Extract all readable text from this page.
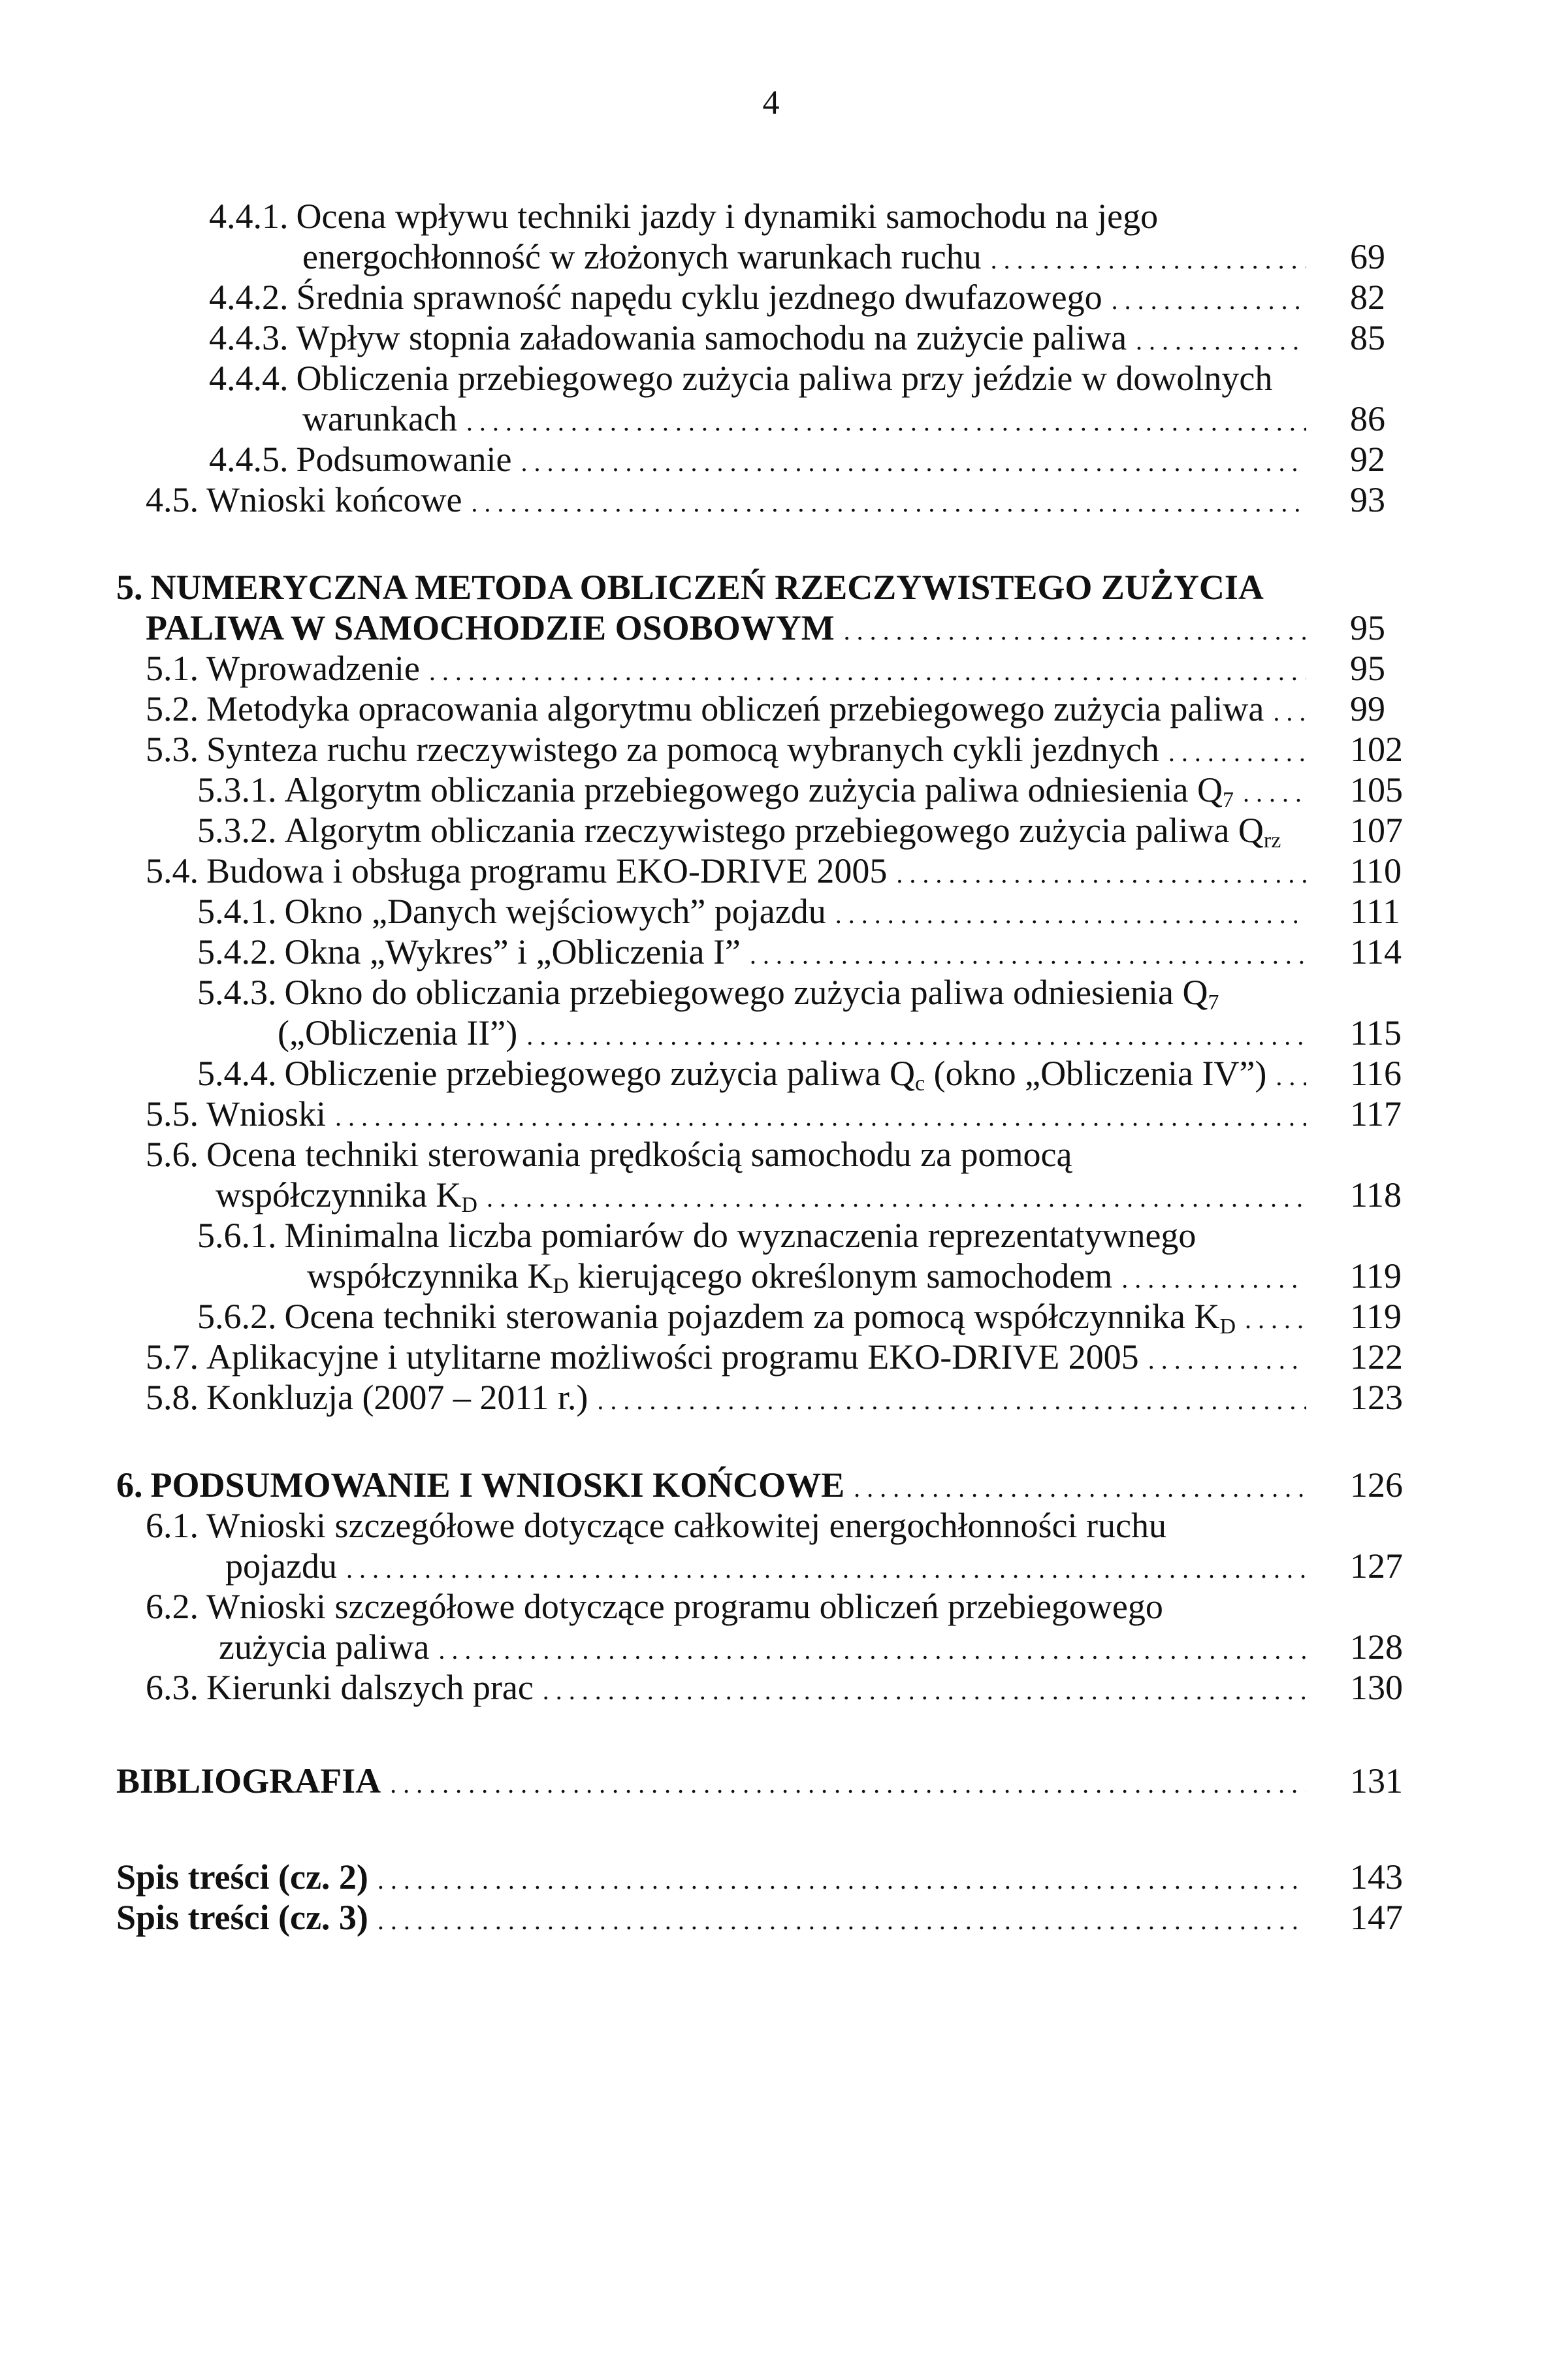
4
4.4.1. Ocena wpływu techniki jazdy i dynamiki samochodu na jego
energochłonność w złożonych warunkach ruchu . . .	69
4.4.2. Średnia sprawność napędu cyklu jezdnego dwufazowego . . .	82
4.4.3. Wpływ stopnia załadowania samochodu na zużycie paliwa . . .	85
4.4.4. Obliczenia przebiegowego zużycia paliwa przy jeździe w dowolnych
warunkach . . .	86
4.4.5. Podsumowanie . . .	92
4.5. Wnioski końcowe . . .	93
5. NUMERYCZNA METODA OBLICZEŃ RZECZYWISTEGO ZUŻYCIA
PALIWA W SAMOCHODZIE OSOBOWYM . . .	95
5.1. Wprowadzenie . . .	95
5.2. Metodyka opracowania algorytmu obliczeń przebiegowego zużycia paliwa . . . 99
5.3. Synteza ruchu rzeczywistego za pomocą wybranych cykli jezdnych . . .	102
5.3.1. Algorytm obliczania przebiegowego zużycia paliwa odniesienia $Q_7$ . . .	105
5.3.2. Algorytm obliczania rzeczywistego przebiegowego zużycia paliwa $Q_{rz}$ 107
5.4. Budowa i obsługa programu EKO-DRIVE 2005 . . .	110
5.4.1. Okno „Danych wejściowych” pojazdu . . .	111
5.4.2. Okna „Wykres” i „Obliczenia I” . . .	114
5.4.3. Okno do obliczania przebiegowego zużycia paliwa odniesienia $Q_7$
(„Obliczenia II”) . . .	115
5.4.4. Obliczenie przebiegowego zużycia paliwa $Q_c$ (okno „Obliczenia IV”) . . . 116
5.5. Wnioski . . .	117
5.6. Ocena techniki sterowania prędkością samochodu za pomocą
współczynnika $K_D$ . . .	118
5.6.1. Minimalna liczba pomiarów do wyznaczenia reprezentatywnego
współczynnika $K_D$ kierującego określonym samochodem . . .	119
5.6.2. Ocena techniki sterowania pojazdem za pomocą współczynnika $K_D$ . . .	119
5.7. Aplikacyjne i utylitarne możliwości programu EKO-DRIVE 2005 . . .	122
5.8. Konkluzja (2007 – 2011 r.) . . .	123
6. PODSUMOWANIE I WNIOSKI KOŃCOWE . . .	126
6.1. Wnioski szczegółowe dotyczące całkowitej energochłonności ruchu
pojazdu . . .	127
6.2. Wnioski szczegółowe dotyczące programu obliczeń przebiegowego
zużycia paliwa . . .	128
6.3. Kierunki dalszych prac . . .	130
BIBLIOGRAFIA . . .	131
Spis treści (cz. 2) . . .	143
Spis treści (cz. 3) . . .	147
